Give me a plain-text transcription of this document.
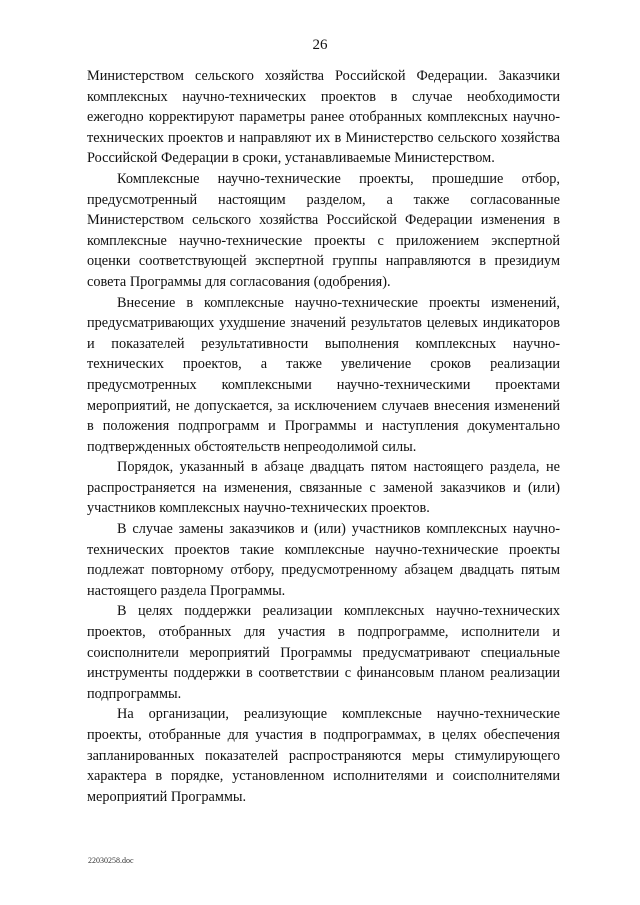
26

Министерством сельского хозяйства Российской Федерации. Заказчики комплексных научно-технических проектов в случае необходимости ежегодно корректируют параметры ранее отобранных комплексных научно-технических проектов и направляют их в Министерство сельского хозяйства Российской Федерации в сроки, устанавливаемые Министерством.

Комплексные научно-технические проекты, прошедшие отбор, предусмотренный настоящим разделом, а также согласованные Министерством сельского хозяйства Российской Федерации изменения в комплексные научно-технические проекты с приложением экспертной оценки соответствующей экспертной группы направляются в президиум совета Программы для согласования (одобрения).

Внесение в комплексные научно-технические проекты изменений, предусматривающих ухудшение значений результатов целевых индикаторов и показателей результативности выполнения комплексных научно-технических проектов, а также увеличение сроков реализации предусмотренных комплексными научно-техническими проектами мероприятий, не допускается, за исключением случаев внесения изменений в положения подпрограмм и Программы и наступления документально подтвержденных обстоятельств непреодолимой силы.

Порядок, указанный в абзаце двадцать пятом настоящего раздела, не распространяется на изменения, связанные с заменой заказчиков и (или) участников комплексных научно-технических проектов.

В случае замены заказчиков и (или) участников комплексных научно-технических проектов такие комплексные научно-технические проекты подлежат повторному отбору, предусмотренному абзацем двадцать пятым настоящего раздела Программы.

В целях поддержки реализации комплексных научно-технических проектов, отобранных для участия в подпрограмме, исполнители и соисполнители мероприятий Программы предусматривают специальные инструменты поддержки в соответствии с финансовым планом реализации подпрограммы.

На организации, реализующие комплексные научно-технические проекты, отобранные для участия в подпрограммах, в целях обеспечения запланированных показателей распространяются меры стимулирующего характера в порядке, установленном исполнителями и соисполнителями мероприятий Программы.

22030258.doc
